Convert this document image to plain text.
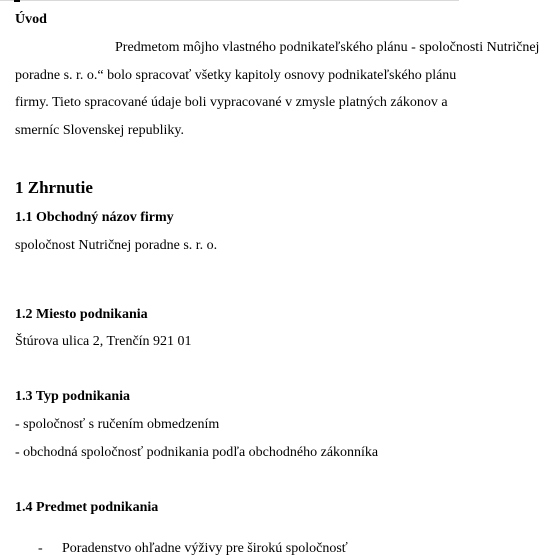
Úvod
Predmetom môjho vlastného podnikateľského plánu - spoločnosti Nutričnej
poradne s. r. o.“ bolo spracovať všetky kapitoly osnovy podnikateľského plánu
firmy. Tieto spracované údaje boli vypracované v zmysle platných zákonov a
smerníc Slovenskej republiky.
1 Zhrnutie
1.1 Obchodný názov firmy
spoločnost Nutričnej poradne s. r. o.
1.2 Miesto podnikania
Štúrova ulica 2, Trenčín 921 01
1.3 Typ podnikania
- spoločnosť s ručením obmedzením
- obchodná spoločnosť podnikania podľa obchodného zákonníka
1.4 Predmet podnikania
- Poradenstvo ohľadne výživy pre širokú spoločnosť
